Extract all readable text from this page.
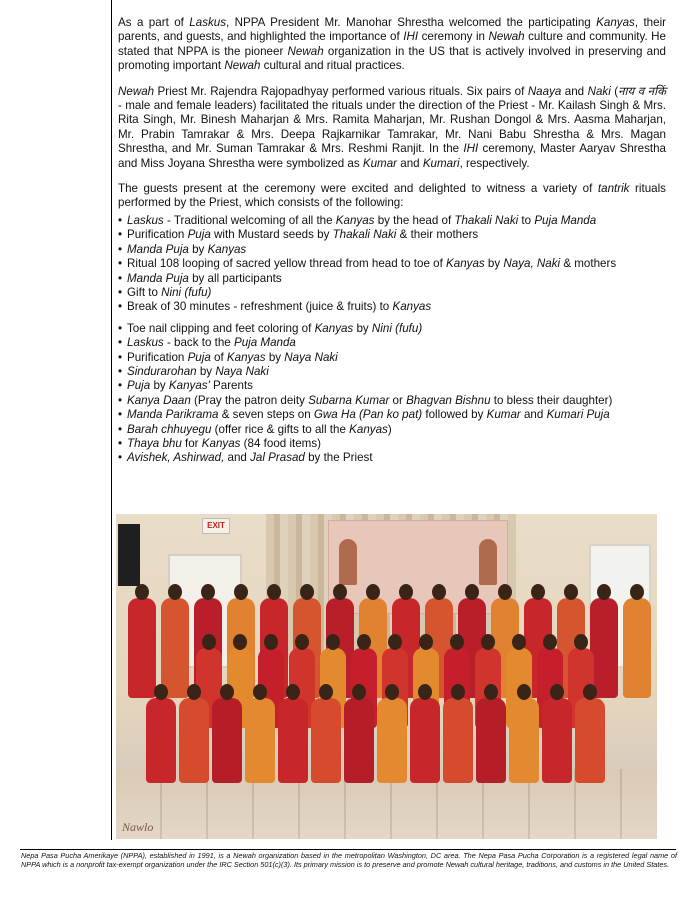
As a part of Laskus, NPPA President Mr. Manohar Shrestha welcomed the participating Kanyas, their parents, and guests, and highlighted the importance of IHI ceremony in Newah culture and community. He stated that NPPA is the pioneer Newah organization in the US that is actively involved in preserving and promoting important Newah cultural and ritual practices.

Newah Priest Mr. Rajendra Rajopadhyay performed various rituals. Six pairs of Naaya and Naki (नाय व नकिं - male and female leaders) facilitated the rituals under the direction of the Priest - Mr. Kailash Singh & Mrs. Rita Singh, Mr. Binesh Maharjan & Mrs. Ramita Maharjan, Mr. Rushan Dongol & Mrs. Aasma Maharjan, Mr. Prabin Tamrakar & Mrs. Deepa Rajkarnikar Tamrakar, Mr. Nani Babu Shrestha & Mrs. Magan Shrestha, and Mr. Suman Tamrakar & Mrs. Reshmi Ranjit. In the IHI ceremony, Master Aaryav Shrestha and Miss Joyana Shrestha were symbolized as Kumar and Kumari, respectively.

The guests present at the ceremony were excited and delighted to witness a variety of tantrik rituals performed by the Priest, which consists of the following:

• Laskus - Traditional welcoming of all the Kanyas by the head of Thakali Naki to Puja Manda
• Purification Puja with Mustard seeds by Thakali Naki & their mothers
• Manda Puja by Kanyas
• Ritual 108 looping of sacred yellow thread from head to toe of Kanyas by Naya, Naki & mothers
• Manda Puja by all participants
• Gift to Nini (fufu)
• Break of 30 minutes - refreshment (juice & fruits) to Kanyas
• Toe nail clipping and feet coloring of Kanyas by Nini (fufu)
• Laskus - back to the Puja Manda
• Purification Puja of Kanyas by Naya Naki
• Sindurarohan by Naya Naki
• Puja by Kanyas' Parents
• Kanya Daan (Pray the patron deity Subarna Kumar or Bhagvan Bishnu to bless their daughter)
• Manda Parikrama & seven steps on Gwa Ha (Pan ko pat) followed by Kumar and Kumari Puja
• Barah chhuyegu (offer rice & gifts to all the Kanyas)
• Thaya bhu for Kanyas (84 food items)
• Avishek, Ashirwad, and Jal Prasad by the Priest
EXIT
Nawlo
Nepa Pasa Pucha Amerikaye (NPPA), established in 1991, is a Newah organization based in the metropolitan Washington, DC area. The Nepa Pasa Pucha Corporation is a registered legal name of NPPA which is a nonprofit tax-exempt organization under the IRC Section 501(c)(3). Its primary mission is to preserve and promote Newah cultural heritage, traditions, and customs in the United States.
